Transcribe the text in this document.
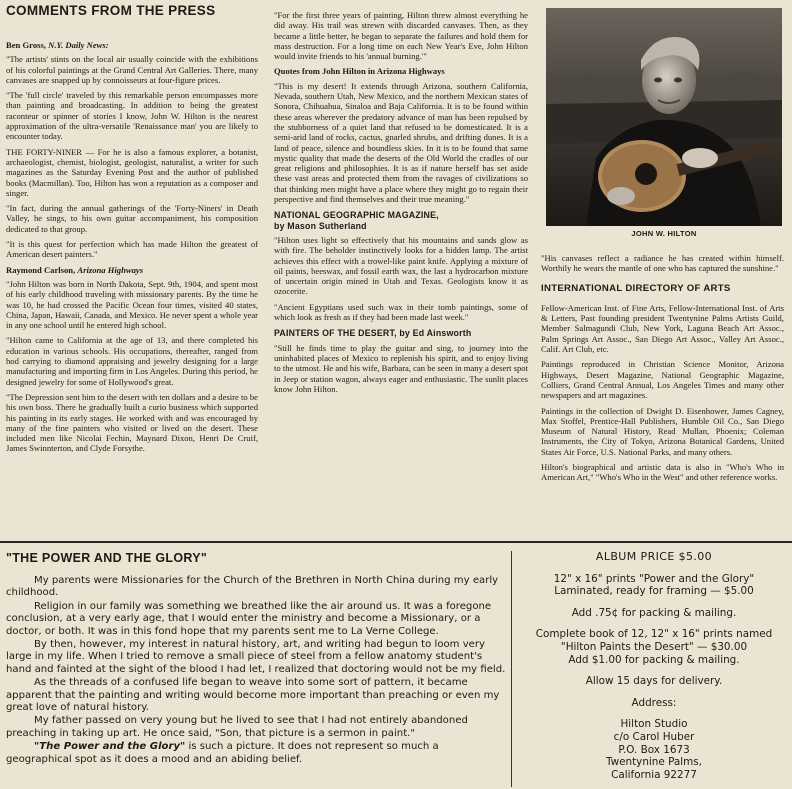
COMMENTS FROM THE PRESS

Ben Gross, N.Y. Daily News:

"The artists' stints on the local air usually coincide with the exhibitions of his colorful paintings at the Grand Central Art Galleries. There, many canvases are snapped up by connoisseurs at four-figure prices.

"The 'full circle' traveled by this remarkable person encompasses more than painting and broadcasting. In addition to being the greatest raconteur or spinner of stories I know, John W. Hilton is the nearest approximation of the ultra-versatile 'Renaissance man' you are likely to encounter today.

THE FORTY-NINER — For he is also a famous explorer, a botanist, archaeologist, chemist, biologist, geologist, naturalist, a writer for such magazines as the Saturday Evening Post and the author of published books (Macmillan). Too, Hilton has won a reputation as a composer and singer.

"In fact, during the annual gatherings of the 'Forty-Niners' in Death Valley, he sings, to his own guitar accompaniment, his composition dedicated to that group.

"It is this quest for perfection which has made Hilton the greatest of American desert painters."

Raymond Carlson, Arizona Highways

"John Hilton was born in North Dakota, Sept. 9th, 1904, and spent most of his early childhood traveling with missionary parents. By the time he was 10, he had crossed the Pacific Ocean four times, visited 40 states, China, Japan, Hawaii, Canada, and Mexico. He never spent a whole year in any one school until he entered high school.

"Hilton came to California at the age of 13, and there completed his education in various schools. His occupations, thereafter, ranged from hod carrying to diamond appraising and jewelry designing for a large manufacturing and importing firm in Los Angeles. During this period, he designed jewelry for some of Hollywood's great.

"The Depression sent him to the desert with ten dollars and a desire to be his own boss. There he gradually built a curio business which supported his painting in its early stages. He worked with and was encouraged by many of the fine painters who visited or lived on the desert. These included men like Nicolai Fechin, Maynard Dixon, Henri De Cruif, James Swinnterton, and Clyde Forsythe.

"For the first three years of painting, Hilton threw almost everything he did away. His trail was strewn with discarded canvases. Then, as they became a little better, he began to separate the failures and hold them for mass destruction. For a long time on each New Year's Eve, John Hilton would invite friends to his 'annual burning.'"

Quotes from John Hilton in Arizona Highways

"This is my desert! It extends through Arizona, southern California, Nevada, southern Utah, New Mexico, and the northern Mexican states of Sonora, Chihuahua, Sinaloa and Baja California. It is to be found within these areas wherever the predatory advance of man has been repulsed by the stubborness of a quiet land that refused to be domesticated. It is a semi-arid land of rocks, cactus, gnarled shrubs, and drifting dunes. It is a land of peace, silence and boundless skies. In it is to be found that same mystic quality that made the deserts of the Old World the cradles of our great religions and philosophies. It is as if nature herself has set aside these vast areas and protected them from the ravages of civilizations so that thinking men might have a place where they might go to regain their perspective and find themselves and their true meaning."

NATIONAL GEOGRAPHIC MAGAZINE,
by Mason Sutherland

"Hilton uses light so effectively that his mountains and sands glow as with fire. The beholder instinctively looks for a hidden lamp. The artist achieves this effect with a trowel-like paint knife. Applying a mixture of oil paints, beeswax, and fossil earth wax, the last a hydrocarbon mixture of uncertain origin mined in Utah and Texas. Geologists know it as ozocerite.

"Ancient Egyptians used such wax in their tomb paintings, some of which look as fresh as if they had been made last week."

PAINTERS OF THE DESERT, by Ed Ainsworth

"Still he finds time to play the guitar and sing, to journey into the uninhabited places of Mexico to replenish his spirit, and to enjoy living to the utmost. He and his wife, Barbara, can be seen in many a desert spot in Jeep or station wagon, always eager and enthusiastic. The sunlit places know John Hilton.

JOHN W. HILTON

"His canvases reflect a radiance he has created within himself. Worthily he wears the mantle of one who has captured the sunshine."

INTERNATIONAL DIRECTORY OF ARTS

Fellow-American Inst. of Fine Arts, Fellow-International Inst. of Arts & Letters, Past founding president Twentynine Palms Artists Guild, Member Salmagundi Club, New York, Laguna Beach Art Assoc., Palm Springs Art Assoc., San Diego Art Assoc., Valley Art Assoc., Calif. Art Club, etc.

Paintings reproduced in Christian Science Monitor, Arizona Highways, Desert Magazine, National Geographic Magazine, Colliers, Grand Central Annual, Los Angeles Times and many other newspapers and art magazines.

Paintings in the collection of Dwight D. Eisenhower, James Cagney, Max Stoffel, Prentice-Hall Publishers, Humble Oil Co., San Diego Museum of Natural History, Read Mullan, Phoenix; Coleman Instruments, the City of Tokyo, Arizona Botanical Gardens, United States Air Force, U.S. National Parks, and many others.

Hilton's biographical and artistic data is also in "Who's Who in American Art," "Who's Who in the West" and other reference works.

"THE POWER AND THE GLORY"

My parents were Missionaries for the Church of the Brethren in North China during my early childhood.

Religion in our family was something we breathed like the air around us. It was a foregone conclusion, at a very early age, that I would enter the ministry and become a Missionary, or a doctor, or both. It was in this fond hope that my parents sent me to La Verne College.

By then, however, my interest in natural history, art, and writing had begun to loom very large in my life. When I tried to remove a small piece of steel from a fellow anatomy student's hand and fainted at the sight of the blood I had let, I realized that doctoring would not be my field.

As the threads of a confused life began to weave into some sort of pattern, it became apparent that the painting and writing would become more important than preaching or even my great love of natural history.

My father passed on very young but he lived to see that I had not entirely abandoned preaching in taking up art. He once said, "Son, that picture is a sermon in paint."

"The Power and the Glory" is such a picture. It does not represent so much a geographical spot as it does a mood and an abiding belief.

ALBUM PRICE $5.00

12" x 16" prints "Power and the Glory"
Laminated, ready for framing — $5.00

Add .75¢ for packing & mailing.

Complete book of 12, 12" x 16" prints named
"Hilton Paints the Desert" — $30.00
Add $1.00 for packing & mailing.

Allow 15 days for delivery.

Address:
Hilton Studio
c/o Carol Huber
P.O. Box 1673
Twentynine Palms,
California 92277
